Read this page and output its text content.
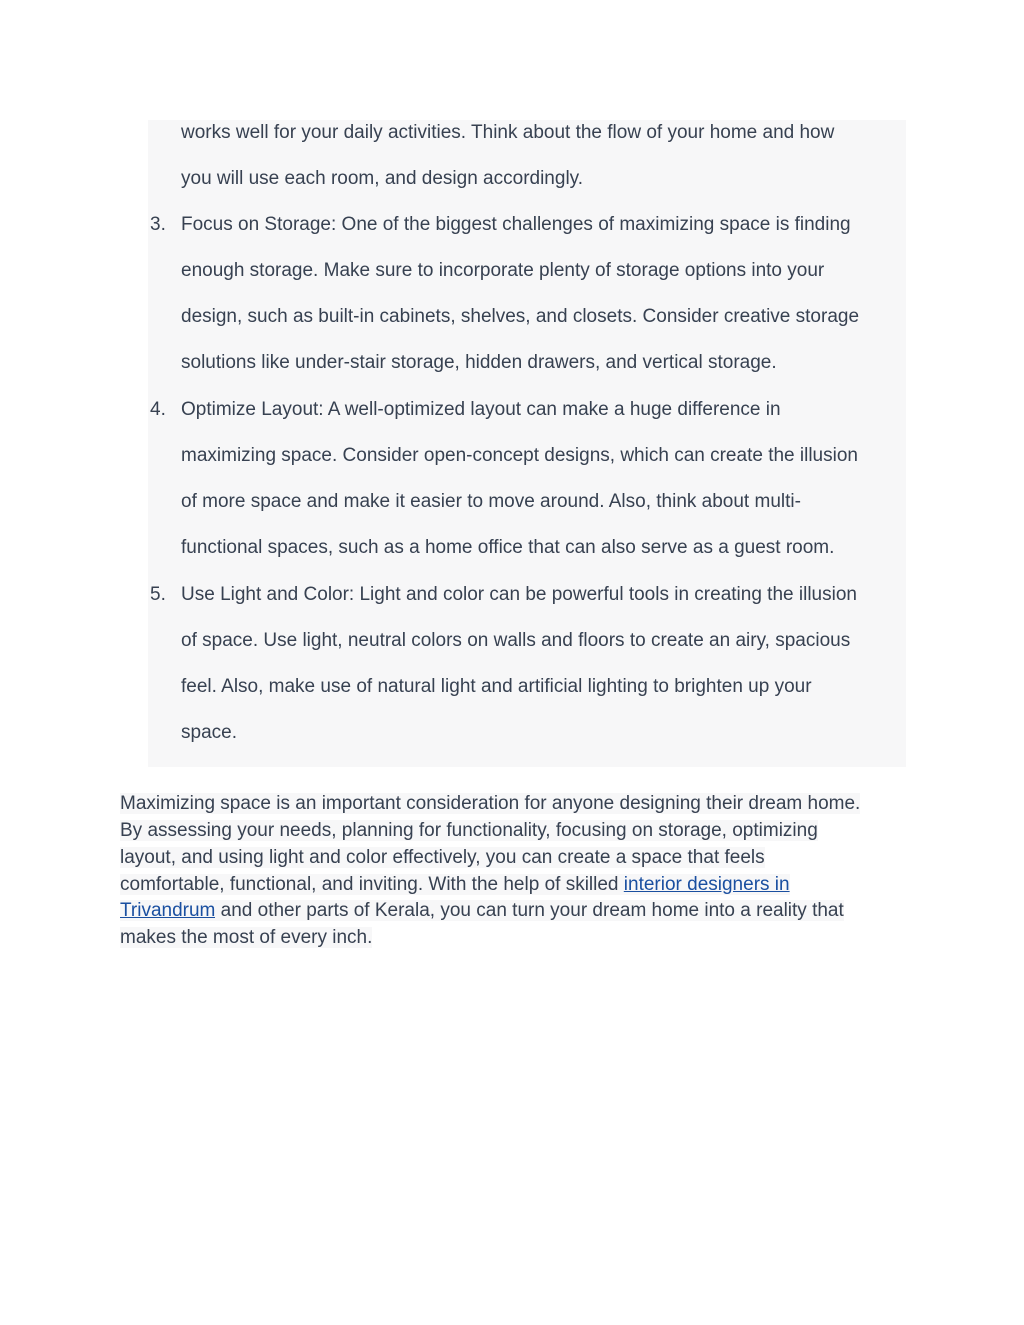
works well for your daily activities. Think about the flow of your home and how
you will use each room, and design accordingly.
3. Focus on Storage: One of the biggest challenges of maximizing space is finding
enough storage. Make sure to incorporate plenty of storage options into your
design, such as built-in cabinets, shelves, and closets. Consider creative storage
solutions like under-stair storage, hidden drawers, and vertical storage.
4. Optimize Layout: A well-optimized layout can make a huge difference in
maximizing space. Consider open-concept designs, which can create the illusion
of more space and make it easier to move around. Also, think about multi-
functional spaces, such as a home office that can also serve as a guest room.
5. Use Light and Color: Light and color can be powerful tools in creating the illusion
of space. Use light, neutral colors on walls and floors to create an airy, spacious
feel. Also, make use of natural light and artificial lighting to brighten up your
space.
Maximizing space is an important consideration for anyone designing their dream home.
By assessing your needs, planning for functionality, focusing on storage, optimizing
layout, and using light and color effectively, you can create a space that feels
comfortable, functional, and inviting. With the help of skilled interior designers in
Trivandrum and other parts of Kerala, you can turn your dream home into a reality that
makes the most of every inch.
